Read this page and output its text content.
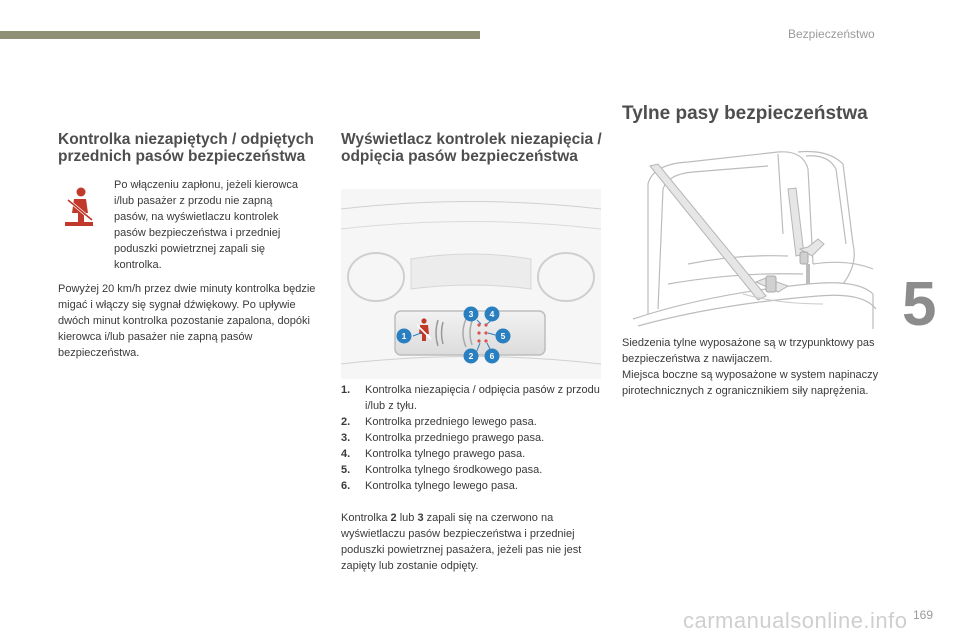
Bezpieczeństwo
5
Kontrolka niezapiętych / odpiętych przednich pasów bezpieczeństwa
Po włączeniu zapłonu, jeżeli kierowca i/lub pasażer z przodu nie zapną pasów, na wyświetlaczu kontrolek pasów bezpieczeństwa i przedniej poduszki powietrznej zapali się kontrolka.
Powyżej 20 km/h przez dwie minuty kontrolka będzie migać i włączy się sygnał dźwiękowy. Po upływie dwóch minut kontrolka pozostanie zapalona, dopóki kierowca i/lub pasażer nie zapną pasów bezpieczeństwa.
Wyświetlacz kontrolek niezapięcia / odpięcia pasów bezpieczeństwa
1
3 4
5
2 6
1.	Kontrolka niezapięcia / odpięcia pasów z przodu i/lub z tyłu.
2.	Kontrolka przedniego lewego pasa.
3.	Kontrolka przedniego prawego pasa.
4.	Kontrolka tylnego prawego pasa.
5.	Kontrolka tylnego środkowego pasa.
6.	Kontrolka tylnego lewego pasa.
Kontrolka 2 lub 3 zapali się na czerwono na wyświetlaczu pasów bezpieczeństwa i przedniej poduszki powietrznej pasażera, jeżeli pas nie jest zapięty lub zostanie odpięty.
Tylne pasy bezpieczeństwa
Siedzenia tylne wyposażone są w trzypunktowy pas bezpieczeństwa z nawijaczem.
Miejsca boczne są wyposażone w system napinaczy pirotechnicznych z ogranicznikiem siły naprężenia.
carmanualsonline.info 169
